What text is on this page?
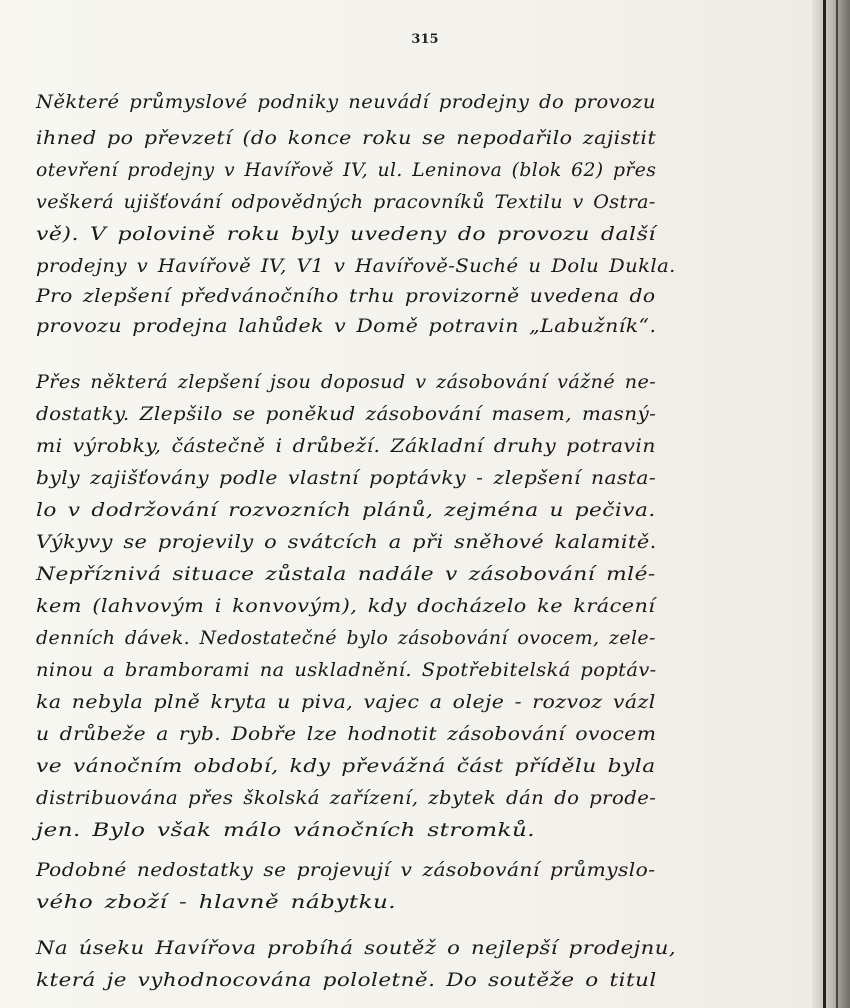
315
Některé průmyslové podniky neuvádí prodejny do provozu
ihned po převzetí (do konce roku se nepodařilo zajistit
otevření prodejny v Havířově IV, ul. Leninova (blok 62) přes
veškerá ujišťování odpovědných pracovníků Textilu v Ostra-
vě). V polovině roku byly uvedeny do provozu další
prodejny v Havířově IV, V1 v Havířově-Suché u Dolu Dukla.
Pro zlepšení předvánočního trhu provizorně uvedena do
provozu prodejna lahůdek v Domě potravin „Labužník“.
Přes některá zlepšení jsou doposud v zásobování vážné ne-
dostatky. Zlepšilo se poněkud zásobování masem, masný-
mi výrobky, částečně i drůbeží. Základní druhy potravin
byly zajišťovány podle vlastní poptávky - zlepšení nasta-
lo v dodržování rozvozních plánů, zejména u pečiva.
Výkyvy se projevily o svátcích a při sněhové kalamitě.
Nepříznivá situace zůstala nadále v zásobování mlé-
kem (lahvovým i konvovým), kdy docházelo ke krácení
denních dávek. Nedostatečné bylo zásobování ovocem, zele-
ninou a bramborami na uskladnění. Spotřebitelská poptáv-
ka nebyla plně kryta u piva, vajec a oleje - rozvoz vázl
u drůbeže a ryb. Dobře lze hodnotit zásobování ovocem
ve vánočním období, kdy převážná část přídělu byla
distribuována přes školská zařízení, zbytek dán do prode-
jen. Bylo však málo vánočních stromků.
Podobné nedostatky se projevují v zásobování průmyslo-
vého zboží - hlavně nábytku.
Na úseku Havířova probíhá soutěž o nejlepší prodejnu,
která je vyhodnocována pololetně. Do soutěže o titul
